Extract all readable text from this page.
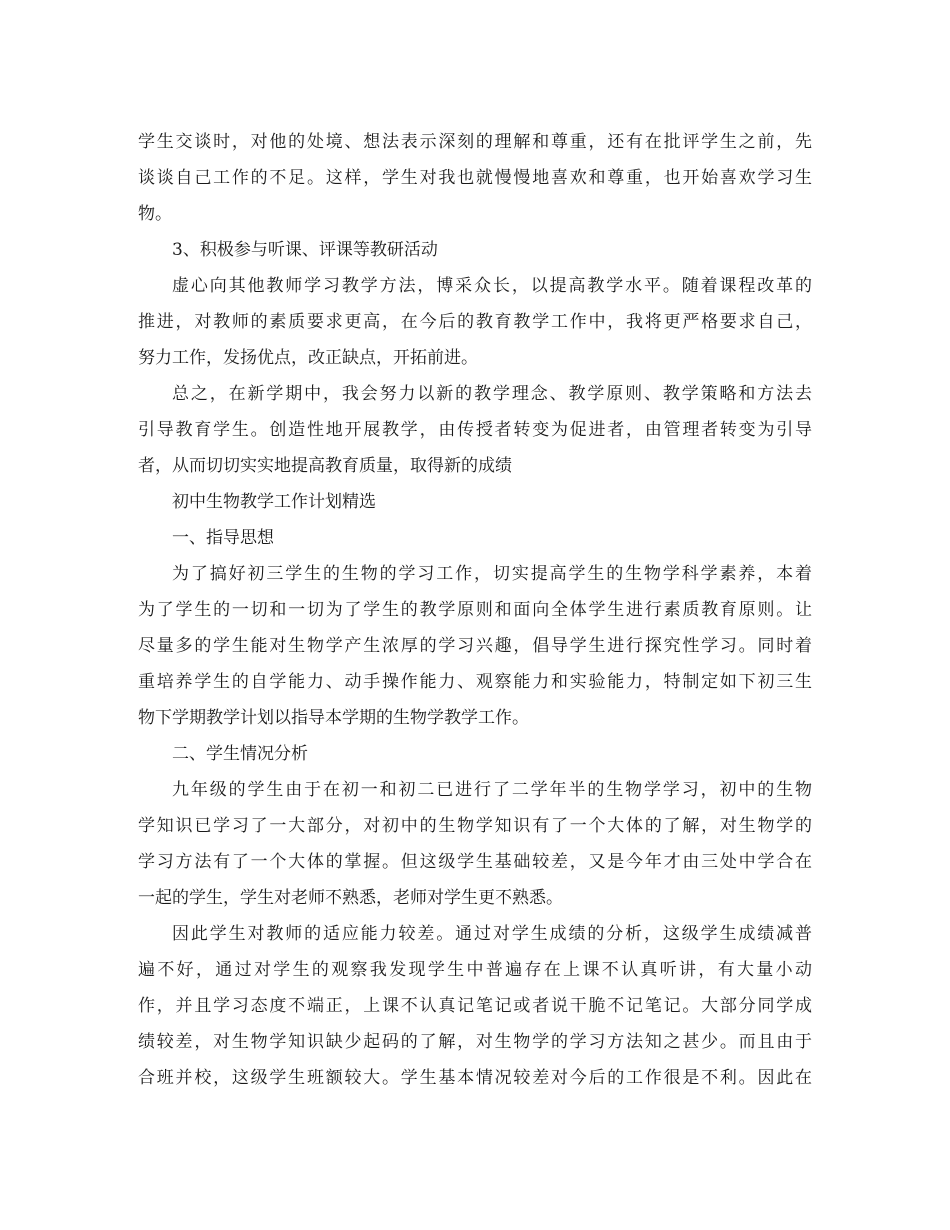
学生交谈时，对他的处境、想法表示深刻的理解和尊重，还有在批评学生之前，先
谈谈自己工作的不足。这样，学生对我也就慢慢地喜欢和尊重，也开始喜欢学习生
物。
3、积极参与听课、评课等教研活动
虚心向其他教师学习教学方法，博采众长，以提高教学水平。随着课程改革的
推进，对教师的素质要求更高，在今后的教育教学工作中，我将更严格要求自己，
努力工作，发扬优点，改正缺点，开拓前进。
总之，在新学期中，我会努力以新的教学理念、教学原则、教学策略和方法去
引导教育学生。创造性地开展教学，由传授者转变为促进者，由管理者转变为引导
者，从而切切实实地提高教育质量，取得新的成绩
初中生物教学工作计划精选
一、指导思想
为了搞好初三学生的生物的学习工作，切实提高学生的生物学科学素养，本着
为了学生的一切和一切为了学生的教学原则和面向全体学生进行素质教育原则。让
尽量多的学生能对生物学产生浓厚的学习兴趣，倡导学生进行探究性学习。同时着
重培养学生的自学能力、动手操作能力、观察能力和实验能力，特制定如下初三生
物下学期教学计划以指导本学期的生物学教学工作。
二、学生情况分析
九年级的学生由于在初一和初二已进行了二学年半的生物学学习，初中的生物
学知识已学习了一大部分，对初中的生物学知识有了一个大体的了解，对生物学的
学习方法有了一个大体的掌握。但这级学生基础较差，又是今年才由三处中学合在
一起的学生，学生对老师不熟悉，老师对学生更不熟悉。
因此学生对教师的适应能力较差。通过对学生成绩的分析，这级学生成绩减普
遍不好，通过对学生的观察我发现学生中普遍存在上课不认真听讲，有大量小动
作，并且学习态度不端正，上课不认真记笔记或者说干脆不记笔记。大部分同学成
绩较差，对生物学知识缺少起码的了解，对生物学的学习方法知之甚少。而且由于
合班并校，这级学生班额较大。学生基本情况较差对今后的工作很是不利。因此在
